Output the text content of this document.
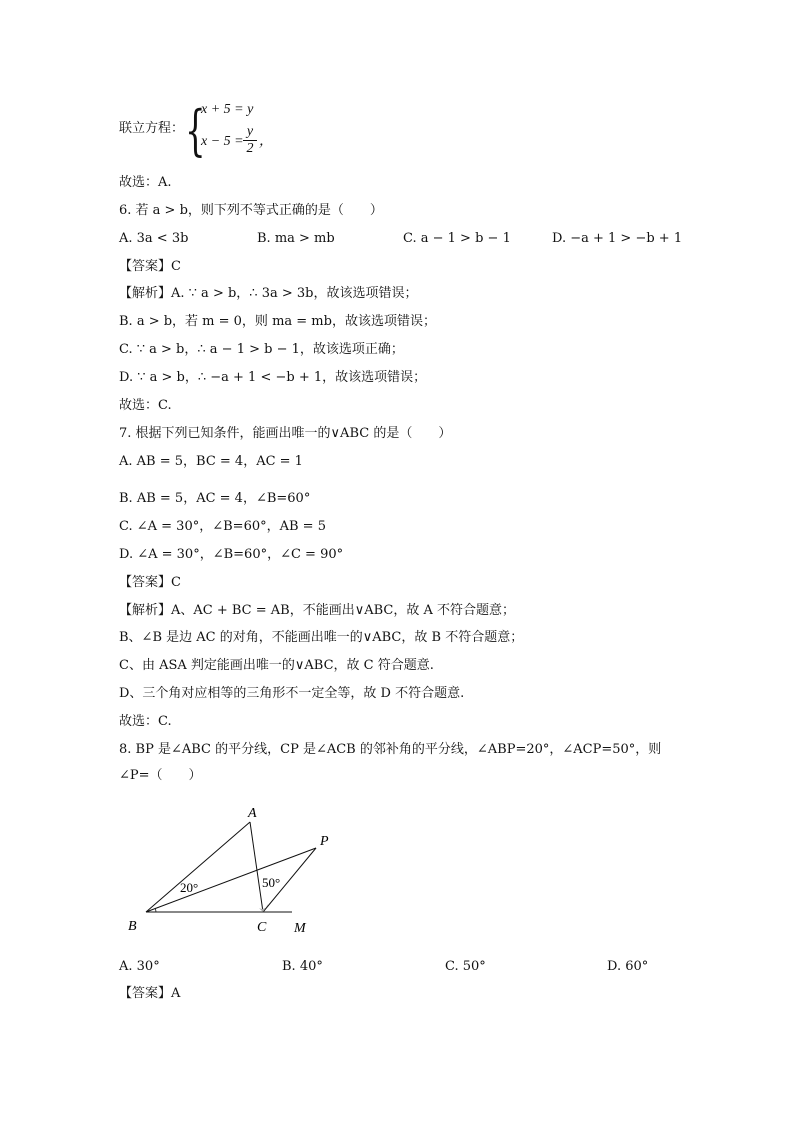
联立方程： {
x + 5 = y
x − 5 =
y
2 ，
故选：A.
6. 若 a > b，则下列不等式正确的是（　　）
A. 3a < 3b	B. ma > mb	C. a − 1 > b − 1	D. −a + 1 > −b + 1
【答案】C
【解析】A. ∵ a > b，∴ 3a > 3b，故该选项错误；
B. a > b，若 m = 0，则 ma = mb，故该选项错误；
C. ∵ a > b，∴ a − 1 > b − 1，故该选项正确；
D. ∵ a > b，∴ −a + 1 < −b + 1，故该选项错误；
故选：C.
7. 根据下列已知条件，能画出唯一的∨ABC 的是（　　）
A. AB = 5，BC = 4，AC = 1
B. AB = 5，AC = 4，∠B=60°
C. ∠A = 30°，∠B=60°，AB = 5
D. ∠A = 30°，∠B=60°，∠C = 90°
【答案】C
【解析】A、AC + BC = AB，不能画出∨ABC，故 A 不符合题意；
B、∠B 是边 AC 的对角，不能画出唯一的∨ABC，故 B 不符合题意；
C、由 ASA 判定能画出唯一的∨ABC，故 C 符合题意.
D、三个角对应相等的三角形不一定全等，故 D 不符合题意.
故选：C.
8. BP 是∠ABC 的平分线，CP 是∠ACB 的邻补角的平分线，∠ABP=20°，∠ACP=50°，则
∠P=（　　）
A
B	C M
P
20°	50°
A. 30°	B. 40°	C. 50°	D. 60°
【答案】A
